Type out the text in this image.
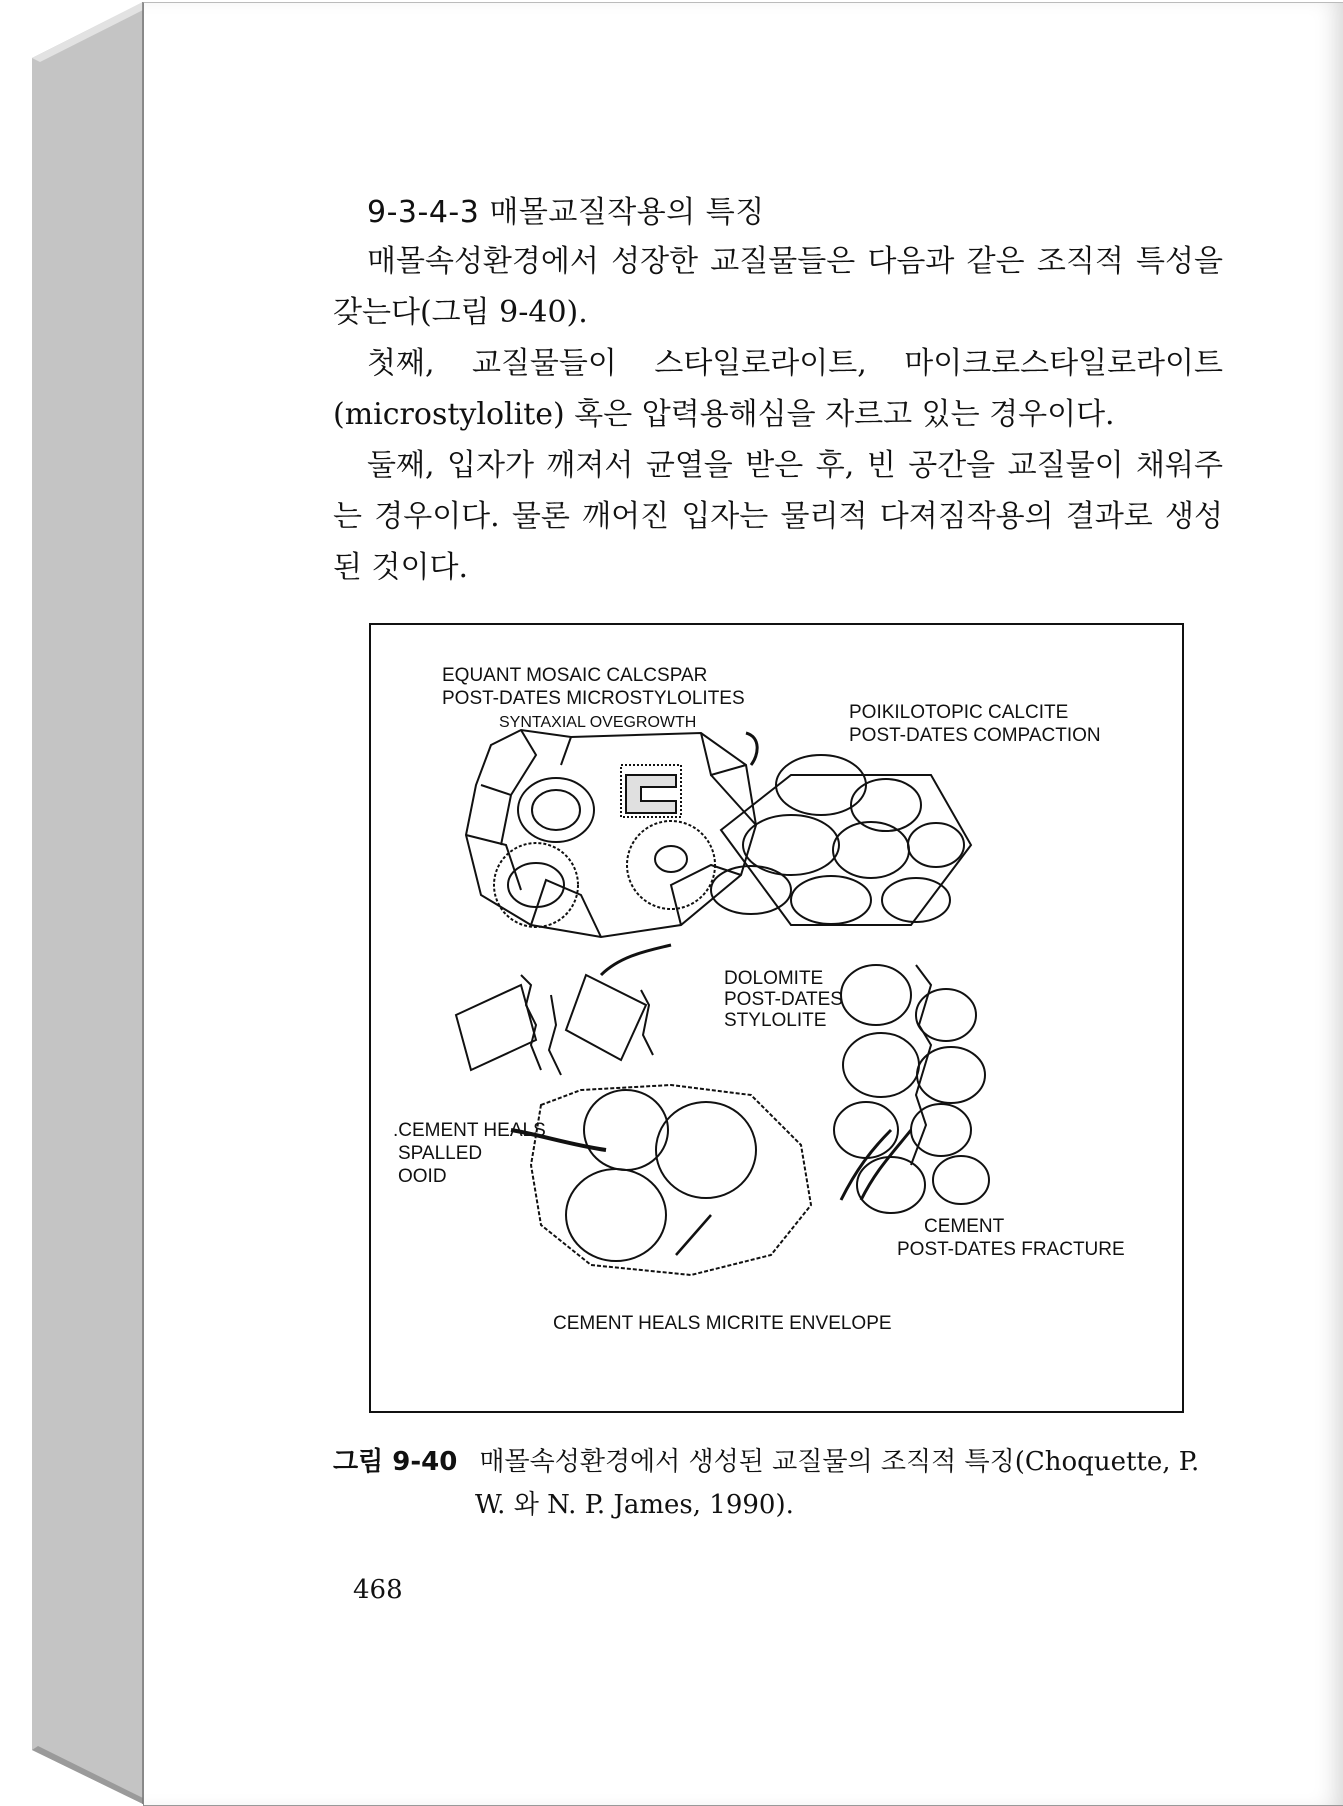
9-3-4-3 매몰교질작용의 특징
매몰속성환경에서 성장한 교질물들은 다음과 같은 조직적 특성을 갖는다(그림 9-40).
첫째, 교질물들이 스타일로라이트, 마이크로스타일로라이트 (microstylolite) 혹은 압력용해심을 자르고 있는 경우이다.
둘째, 입자가 깨져서 균열을 받은 후, 빈 공간을 교질물이 채워주는 경우이다. 물론 깨어진 입자는 물리적 다져짐작용의 결과로 생성된 것이다.
EQUANT MOSAIC CALCSPAR
POST-DATES MICROSTYLOLITES
SYNTAXIAL OVEGROWTH	POIKILOTOPIC CALCITE
POST-DATES COMPACTION
DOLOMITE
POST-DATES
STYLOLITE
.CEMENT HEALS
SPALLED
OOID
CEMENT
POST-DATES FRACTURE
CEMENT HEALS MICRITE ENVELOPE
그림 9-40 매몰속성환경에서 생성된 교질물의 조직적 특징(Choquette, P.
W. 와 N. P. James, 1990).
468
